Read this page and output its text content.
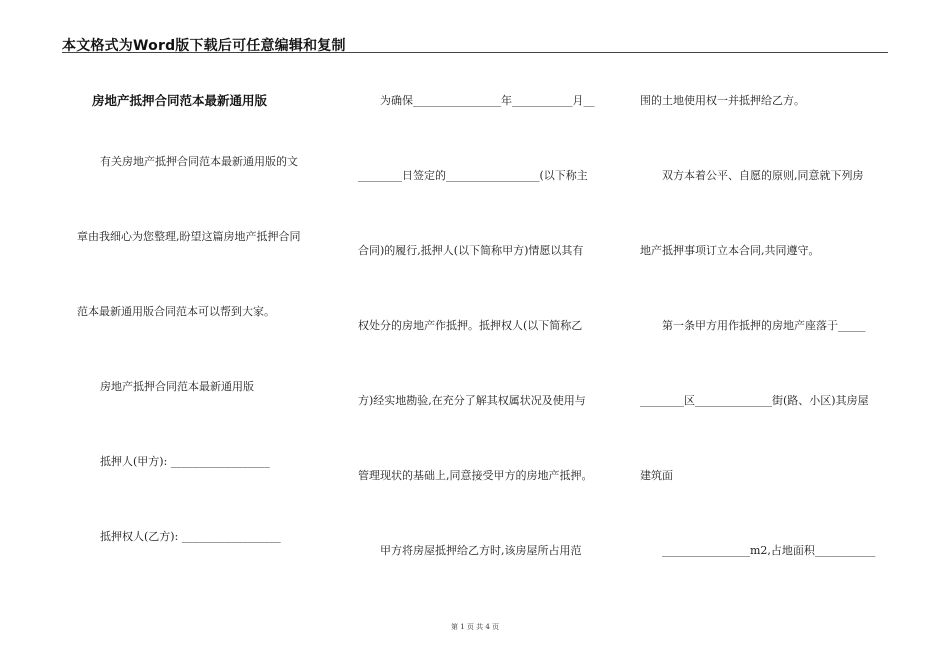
本文格式为Word版下载后可任意编辑和复制
房地产抵押合同范本最新通用版
有关房地产抵押合同范本最新通用版的文
章由我细心为您整理,盼望这篇房地产抵押合同
范本最新通用版合同范本可以帮到大家。
房地产抵押合同范本最新通用版
抵押人(甲方): __________________
抵押权人(乙方): __________________
为确保________________年___________月__
________日签定的_________________(以下称主
合同)的履行,抵押人(以下简称甲方)情愿以其有
权处分的房地产作抵押。抵押权人(以下简称乙
方)经实地勘验,在充分了解其权属状况及使用与
管理现状的基础上,同意接受甲方的房地产抵押。
甲方将房屋抵押给乙方时,该房屋所占用范
围的土地使用权一并抵押给乙方。
双方本着公平、自愿的原则,同意就下列房
地产抵押事项订立本合同,共同遵守。
第一条甲方用作抵押的房地产座落于_____
________区______________街(路、小区)其房屋
建筑面
________________m2,占地面积___________
第 1 页 共 4 页
